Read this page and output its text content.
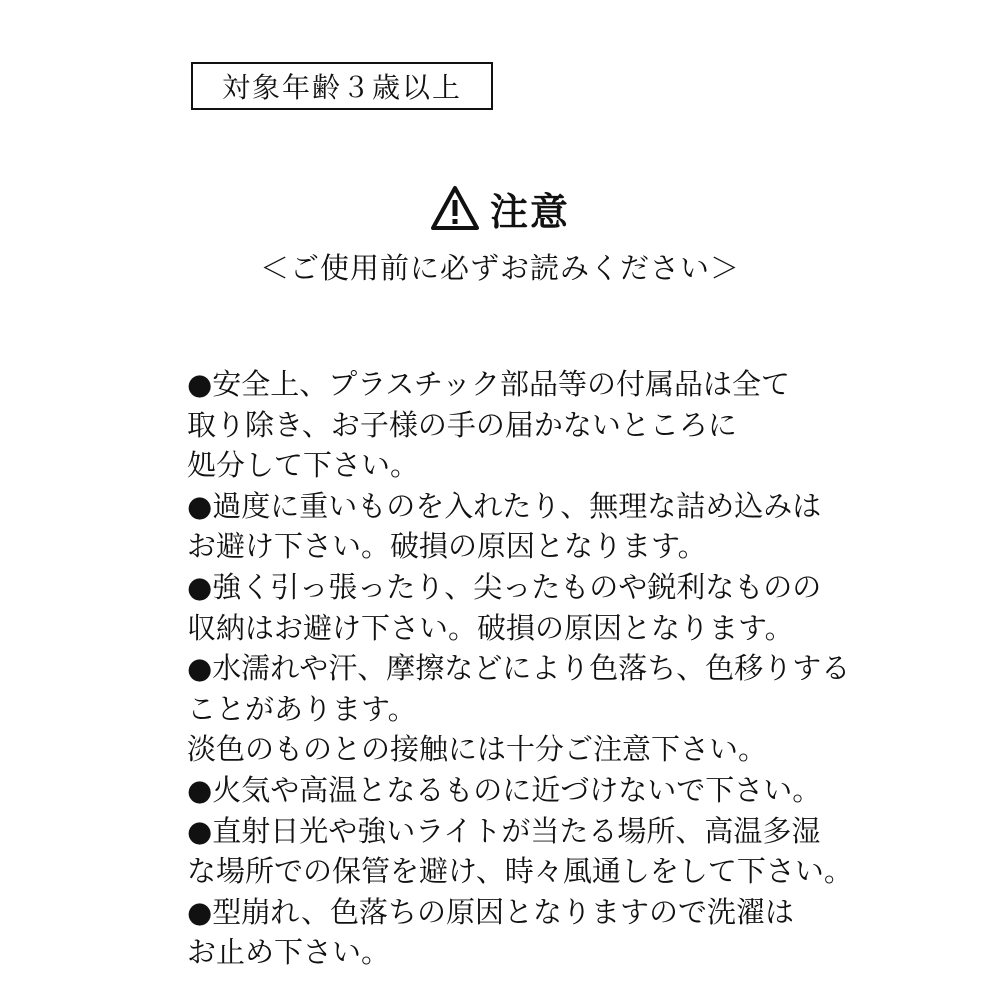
対象年齢３歳以上
注意
＜ご使用前に必ずお読みください＞
●安全上、プラスチック部品等の付属品は全て
取り除き、お子様の手の届かないところに
処分して下さい。
●過度に重いものを入れたり、無理な詰め込みは
お避け下さい。破損の原因となります。
●強く引っ張ったり、尖ったものや鋭利なものの
収納はお避け下さい。破損の原因となります。
●水濡れや汗、摩擦などにより色落ち、色移りする
ことがあります。
淡色のものとの接触には十分ご注意下さい。
●火気や高温となるものに近づけないで下さい。
●直射日光や強いライトが当たる場所、高温多湿
な場所での保管を避け、時々風通しをして下さい。
●型崩れ、色落ちの原因となりますので洗濯は
お止め下さい。
